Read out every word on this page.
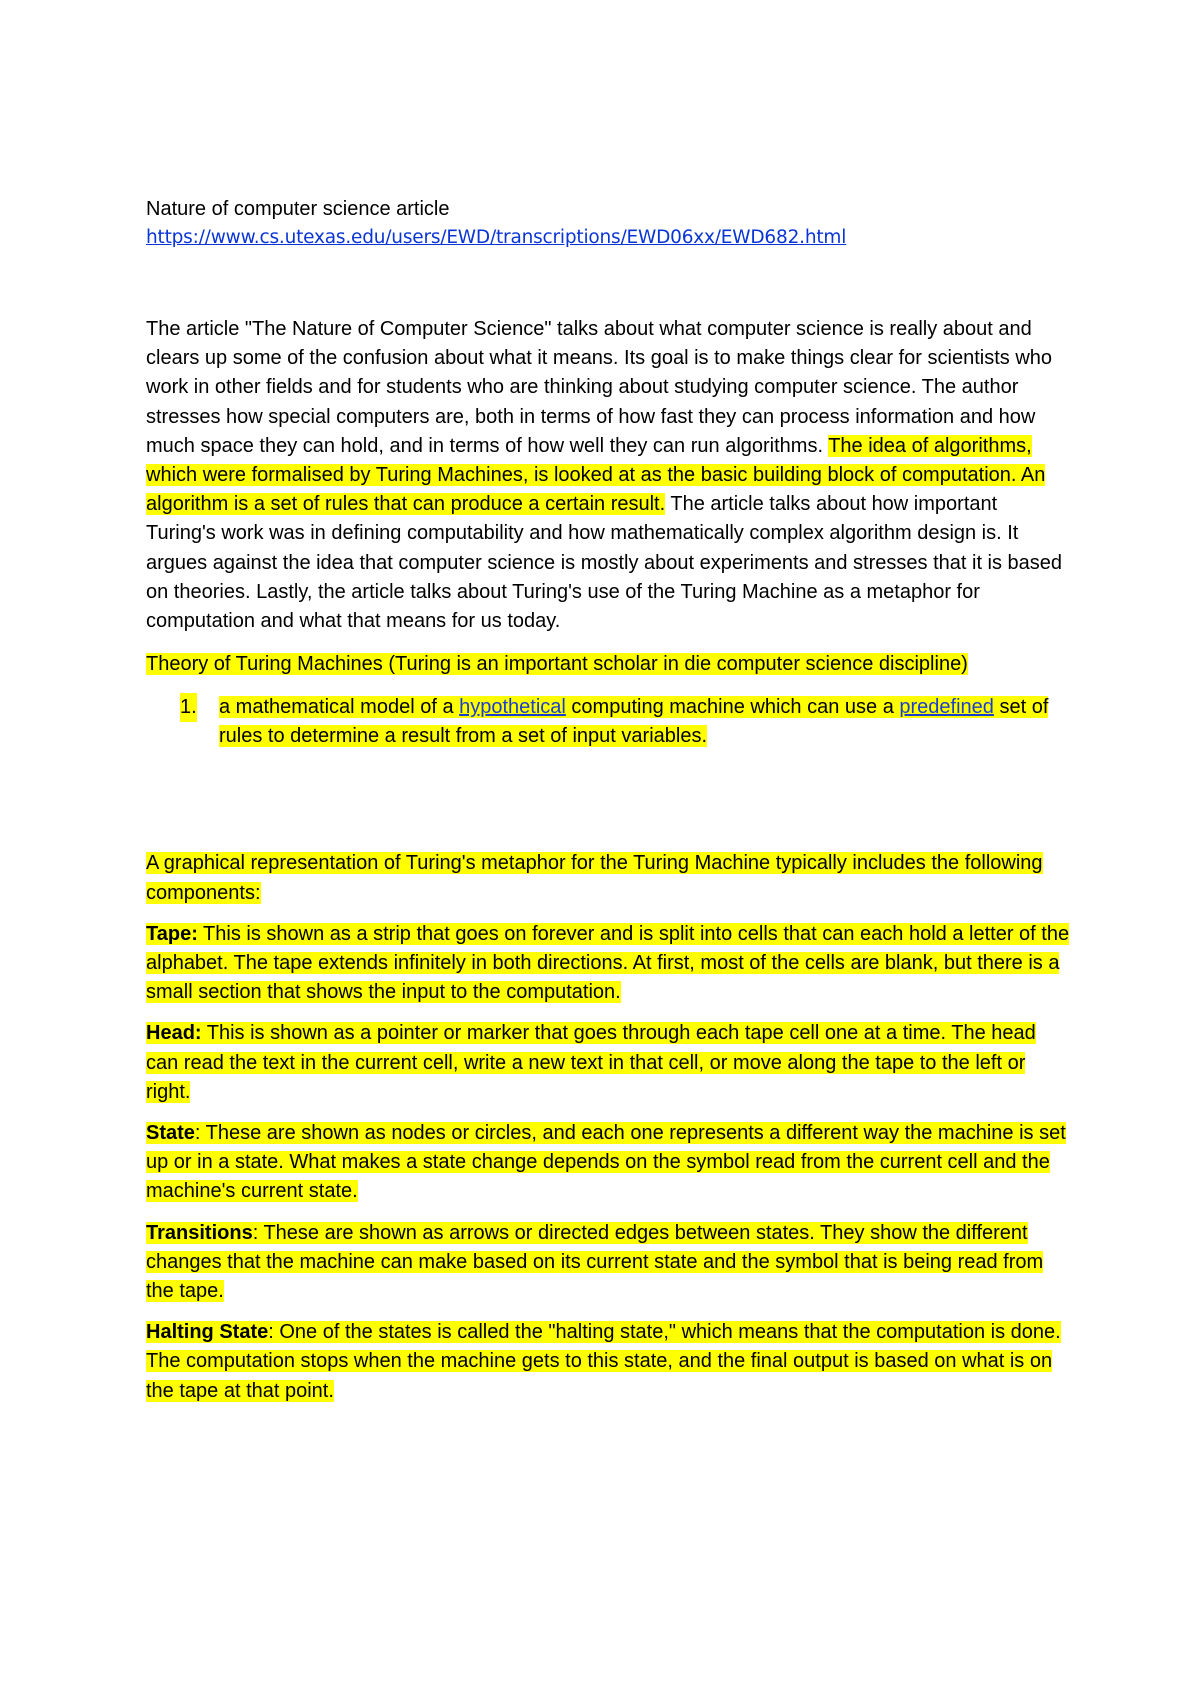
Nature of computer science article
https://www.cs.utexas.edu/users/EWD/transcriptions/EWD06xx/EWD682.html

The article "The Nature of Computer Science" talks about what computer science is really about and clears up some of the confusion about what it means. Its goal is to make things clear for scientists who work in other fields and for students who are thinking about studying computer science. The author stresses how special computers are, both in terms of how fast they can process information and how much space they can hold, and in terms of how well they can run algorithms. The idea of algorithms, which were formalised by Turing Machines, is looked at as the basic building block of computation. An algorithm is a set of rules that can produce a certain result. The article talks about how important Turing's work was in defining computability and how mathematically complex algorithm design is. It argues against the idea that computer science is mostly about experiments and stresses that it is based on theories. Lastly, the article talks about Turing's use of the Turing Machine as a metaphor for computation and what that means for us today.

Theory of Turing Machines (Turing is an important scholar in die computer science discipline)

1. a mathematical model of a hypothetical computing machine which can use a predefined set of rules to determine a result from a set of input variables.

A graphical representation of Turing's metaphor for the Turing Machine typically includes the following components:

Tape: This is shown as a strip that goes on forever and is split into cells that can each hold a letter of the alphabet. The tape extends infinitely in both directions. At first, most of the cells are blank, but there is a small section that shows the input to the computation.

Head: This is shown as a pointer or marker that goes through each tape cell one at a time. The head can read the text in the current cell, write a new text in that cell, or move along the tape to the left or right.

State: These are shown as nodes or circles, and each one represents a different way the machine is set up or in a state. What makes a state change depends on the symbol read from the current cell and the machine's current state.

Transitions: These are shown as arrows or directed edges between states. They show the different changes that the machine can make based on its current state and the symbol that is being read from the tape.

Halting State: One of the states is called the "halting state," which means that the computation is done. The computation stops when the machine gets to this state, and the final output is based on what is on the tape at that point.
